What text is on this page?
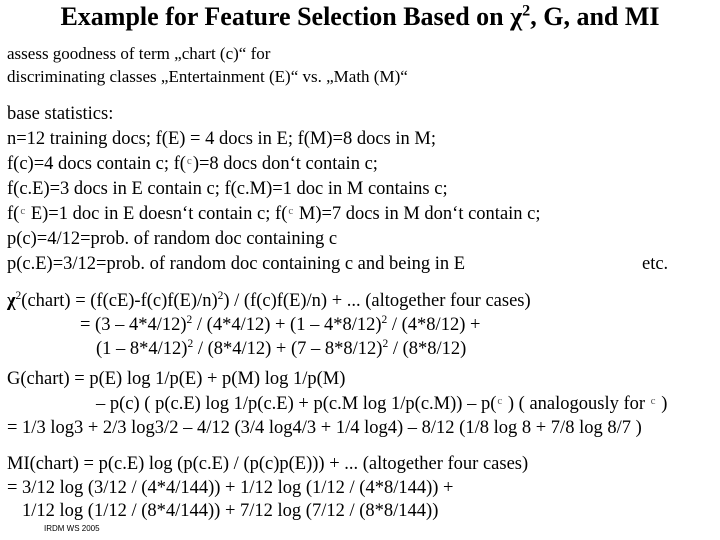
Example for Feature Selection Based on $\chi^2$, G, and MI
assess goodness of term „chart (c)“ for
discriminating classes „Entertainment (E)“ vs. „Math (M)“
base statistics:
n=12 training docs; f(E) = 4 docs in E; f(M)=8 docs in M;
f(c)=4 docs contain c; f(c)=8 docs don‘t contain c;
f(c.E)=3 docs in E contain c; f(c.M)=1 doc in M contains c;
f(c E)=1 doc in E doesn‘t contain c; f(c M)=7 docs in M don‘t contain c;
p(c)=4/12=prob. of random doc containing c
p(c.E)=3/12=prob. of random doc containing c and being in E	etc.
$\chi^2(chart) = (f(cE)-f(c)f(E)/n)^2) / (f(c)f(E)/n)$ + ... (altogether four cases)
= (3 – 4*4/12)$^2$ / (4*4/12) + (1 – 4*8/12)$^2$ / (4*8/12) +
(1 – 8*4/12)$^2$ / (8*4/12) + (7 – 8*8/12)$^2$ / (8*8/12)
G(chart) = p(E) log 1/p(E) + p(M) log 1/p(M)
– p(c) ( p(c.E) log 1/p(c.E) + p(c.M log 1/p(c.M)) – p(c ) ( analogously for c )
= 1/3 log3 + 2/3 log3/2 – 4/12 (3/4 log4/3 + 1/4 log4) – 8/12 (1/8 log 8 + 7/8 log 8/7 )
MI(chart) = p(c.E) log (p(c.E) / (p(c)p(E))) + ... (altogether four cases)
= 3/12 log (3/12 / (4*4/144)) + 1/12 log (1/12 / (4*8/144)) +
1/12 log (1/12 / (8*4/144)) + 7/12 log (7/12 / (8*8/144))
IRDM WS 2005
